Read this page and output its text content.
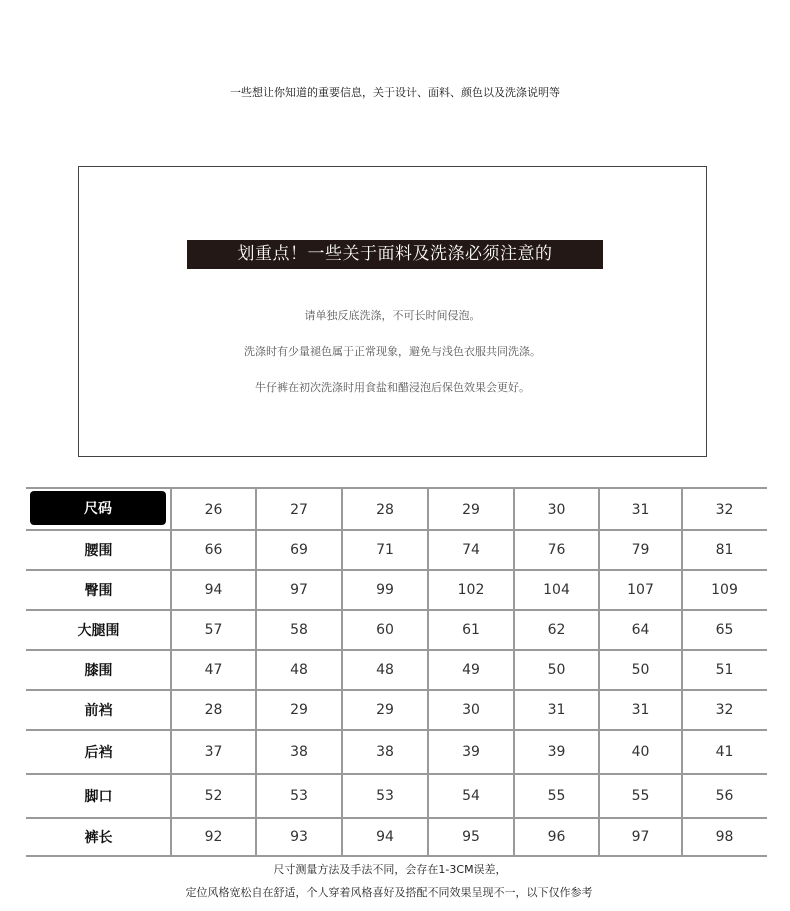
一些想让你知道的重要信息，关于设计、面料、颜色以及洗涤说明等
划重点！一些关于面料及洗涤必须注意的
请单独反底洗涤，不可长时间侵泡。
洗涤时有少量褪色属于正常现象，避免与浅色衣服共同洗涤。
牛仔裤在初次洗涤时用食盐和醋浸泡后保色效果会更好。
尺码	26	27	28	29	30	31	32
腰围	66	69	71	74	76	79	81
臀围	94	97	99	102	104	107	109
大腿围	57	58	60	61	62	64	65
膝围	47	48	48	49	50	50	51
前裆	28	29	29	30	31	31	32
后裆	37	38	38	39	39	40	41
脚口	52	53	53	54	55	55	56
裤长	92	93	94	95	96	97	98
尺寸测量方法及手法不同，会存在1-3CM误差，
定位风格宽松自在舒适，个人穿着风格喜好及搭配不同效果呈现不一，以下仅作参考
